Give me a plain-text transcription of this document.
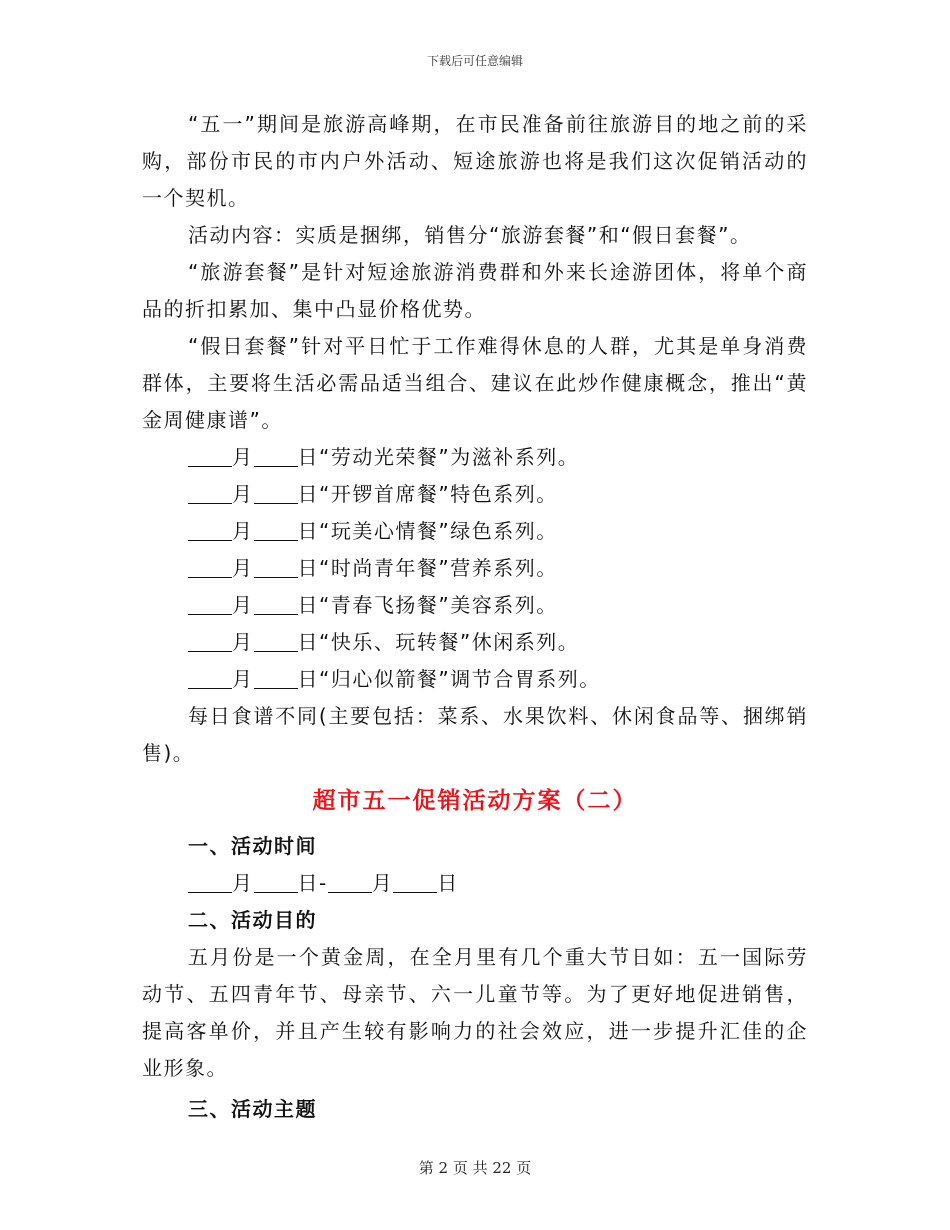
下载后可任意编辑

“五一”期间是旅游高峰期，在市民准备前往旅游目的地之前的采购，部份市民的市内户外活动、短途旅游也将是我们这次促销活动的一个契机。

活动内容：实质是捆绑，销售分“旅游套餐”和“假日套餐”。

“旅游套餐”是针对短途旅游消费群和外来长途游团体，将单个商品的折扣累加、集中凸显价格优势。

“假日套餐”针对平日忙于工作难得休息的人群，尤其是单身消费群体，主要将生活必需品适当组合、建议在此炒作健康概念，推出“黄金周健康谱”。

月 日“劳动光荣餐”为滋补系列。

月 日“开锣首席餐”特色系列。

月 日“玩美心情餐”绿色系列。

月 日“时尚青年餐”营养系列。

月 日“青春飞扬餐”美容系列。

月 日“快乐、玩转餐”休闲系列。

月 日“归心似箭餐”调节合胃系列。

每日食谱不同(主要包括：菜系、水果饮料、休闲食品等、捆绑销售)。

超市五一促销活动方案（二）

一、活动时间

月 日- 月 日

二、活动目的

五月份是一个黄金周，在全月里有几个重大节日如：五一国际劳动节、五四青年节、母亲节、六一儿童节等。为了更好地促进销售，提高客单价，并且产生较有影响力的社会效应，进一步提升汇佳的企业形象。

三、活动主题

第 2 页 共 22 页
